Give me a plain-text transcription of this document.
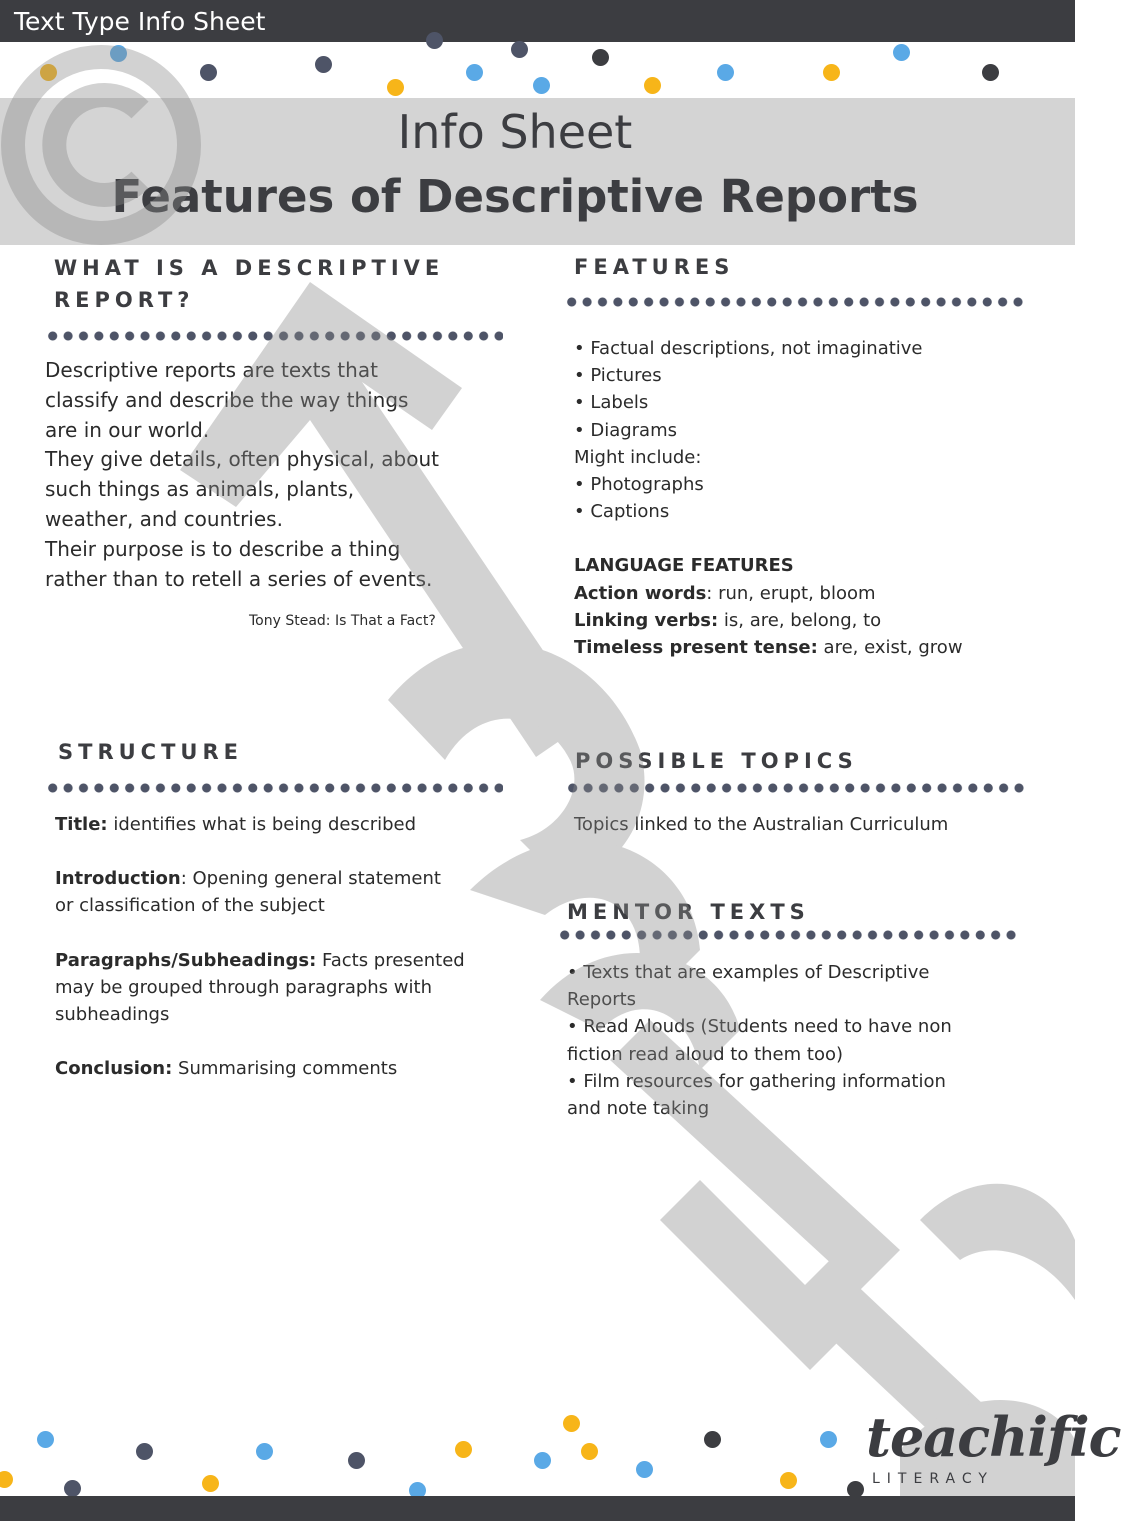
Text Type Info Sheet
Info Sheet
Features of Descriptive Reports
WHAT IS A DESCRIPTIVE
REPORT?
Descriptive reports are texts that
classify and describe the way things
are in our world.
They give details, often physical, about
such things as animals, plants,
weather, and countries.
Their purpose is to describe a thing
rather than to retell a series of events.
Tony Stead: Is That a Fact?
FEATURES
• Factual descriptions, not imaginative
• Pictures
• Labels
• Diagrams
Might include:
• Photographs
• Captions
LANGUAGE FEATURES
Action words: run, erupt, bloom
Linking verbs: is, are, belong, to
Timeless present tense: are, exist, grow
STRUCTURE
Title: identifies what is being described
Introduction: Opening general statement
or classification of the subject
Paragraphs/Subheadings: Facts presented
may be grouped through paragraphs with
subheadings
Conclusion: Summarising comments
POSSIBLE TOPICS
Topics linked to the Australian Curriculum
MENTOR TEXTS
• Texts that are examples of Descriptive
Reports
• Read Alouds (Students need to have non
fiction read aloud to them too)
• Film resources for gathering information
and note taking
teachific
LITERACY
